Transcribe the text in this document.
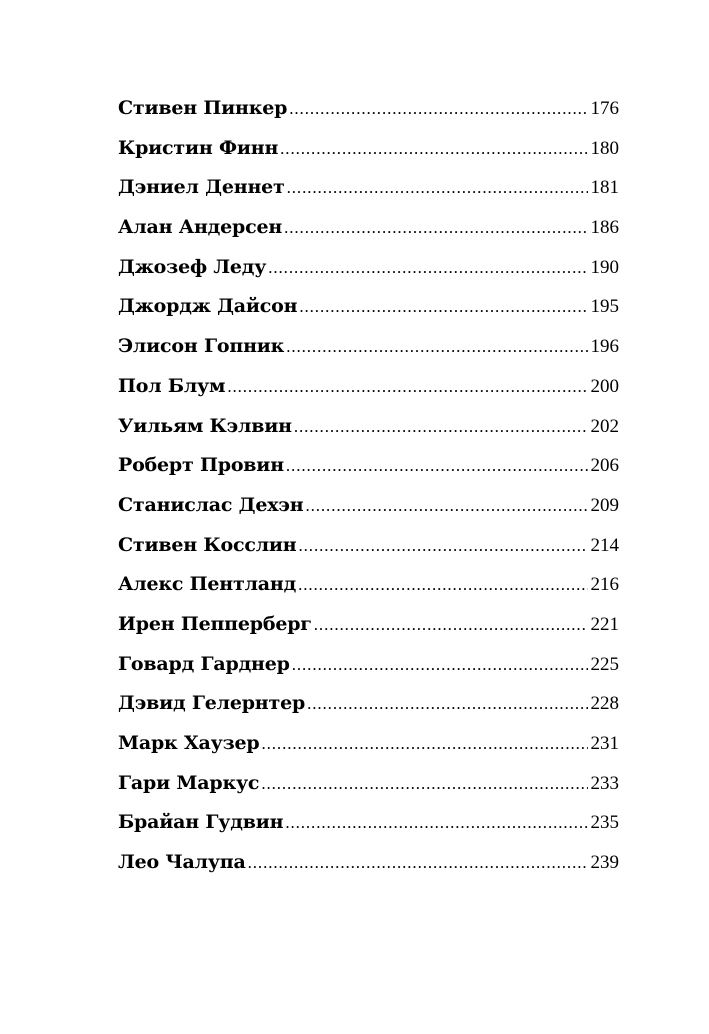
Стивен Пинкер .....	176
Кристин Финн .....	180
Дэниел Деннет .....	181
Алан Андерсен .....	186
Джозеф Леду .....	190
Джордж Дайсон .....	195
Элисон Гопник .....	196
Пол Блум .....	200
Уильям Кэлвин .....	202
Роберт Провин .....	206
Станислас Дехэн .....	209
Стивен Косслин .....	214
Алекс Пентланд .....	216
Ирен Пепперберг .....	221
Говард Гарднер .....	225
Дэвид Гелернтер .....	228
Марк Хаузер .....	231
Гари Маркус .....	233
Брайан Гудвин .....	235
Лео Чалупа .....	239
